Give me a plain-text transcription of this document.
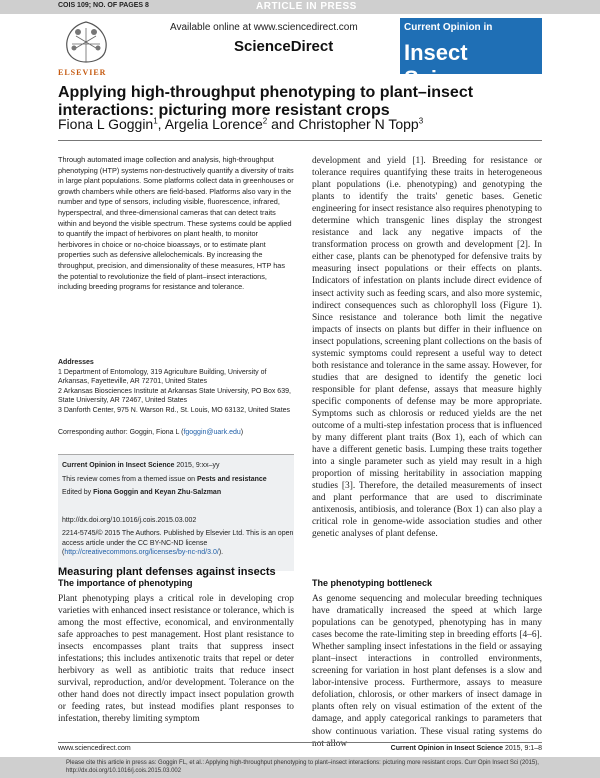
COIS 109; NO. OF PAGES 8	ARTICLE IN PRESS
ELSEVIER
Available online at www.sciencedirect.com
ScienceDirect
Current Opinion in
Insect Science
Applying high-throughput phenotyping to plant–insect interactions: picturing more resistant crops
Fiona L Goggin$^1$, Argelia Lorence$^2$ and Christopher N Topp$^3$
Through automated image collection and analysis, high-throughput phenotyping (HTP) systems non-destructively quantify a diversity of traits in large plant populations. Some platforms collect data in greenhouses or growth chambers while others are field-based. Platforms also vary in the number and type of sensors, including visible, fluorescence, infrared, hyperspectral, and three-dimensional cameras that can detect traits within and beyond the visible spectrum. These systems could be applied to quantify the impact of herbivores on plant health, to monitor herbivores in choice or no-choice bioassays, or to estimate plant properties such as defensive allelochemicals. By increasing the throughput, precision, and dimensionality of these measures, HTP has the potential to revolutionize the field of plant–insect interactions, including breeding programs for resistance and tolerance.
Addresses
1 Department of Entomology, 319 Agriculture Building, University of Arkansas, Fayetteville, AR 72701, United States
2 Arkansas Biosciences Institute at Arkansas State University, PO Box 639, State University, AR 72467, United States
3 Danforth Center, 975 N. Warson Rd., St. Louis, MO 63132, United States
Corresponding author: Goggin, Fiona L (fgoggin@uark.edu)

Current Opinion in Insect Science 2015, 9:xx–yy

This review comes from a themed issue on Pests and resistance

Edited by Fiona Goggin and Keyan Zhu-Salzman

http://dx.doi.org/10.1016/j.cois.2015.03.002

2214-5745/© 2015 The Authors. Published by Elsevier Ltd. This is an open access article under the CC BY-NC-ND license (http://creativecommons.org/licenses/by-nc-nd/3.0/).

development and yield [1]. Breeding for resistance or tolerance requires quantifying these traits in heterogeneous plant populations (i.e. phenotyping) and genotyping the plants to identify the traits' genetic bases. Genetic engineering for insect resistance also requires phenotyping to determine which transgenic lines display the strongest resistance and lack any negative impacts of the transformation process on growth and development [2]. In either case, plants can be phenotyped for defensive traits by measuring insect populations or their effects on plants. Indicators of infestation on plants include direct evidence of insect activity such as feeding scars, and also more systemic, indirect consequences such as chlorophyll loss (Figure 1). Since resistance and tolerance both limit the negative impacts of insects on plants but differ in their influence on insect populations, screening plant collections on the basis of systemic symptoms could represent a useful way to detect both resistance and tolerance in the same assay. However, for studies that are designed to identify the genetic loci responsible for plant defense, assays that measure highly specific components of defense may be more appropriate. Symptoms such as chlorosis or reduced yields are the net outcome of a multi-step infestation process that is influenced by many different plant traits (Box 1), each of which can have a different genetic basis. Lumping these traits together into a single parameter such as yield may result in a high proportion of missing heritability in association mapping studies [3]. Therefore, the detailed measurements of insect and plant performance that are used to discriminate antixenosis, antibiosis, and tolerance (Box 1) can also play a critical role in genome-wide association studies and other genetic analyses of plant defense.
Measuring plant defenses against insects
The importance of phenotyping
Plant phenotyping plays a critical role in developing crop varieties with enhanced insect resistance or tolerance, which is among the most effective, economical, and environmentally safe approaches to pest management. Host plant resistance to insects encompasses plant traits that suppress insect infestations; this includes antixenotic traits that repel or deter herbivory as well as antibiotic traits that reduce insect survival, reproduction, and/or development. Tolerance on the other hand does not directly impact insect population growth or feeding rates, but instead modifies plant responses to infestation, thereby limiting symptom
The phenotyping bottleneck
As genome sequencing and molecular breeding techniques have dramatically increased the speed at which large populations can be genotyped, phenotyping has in many cases become the rate-limiting step in breeding efforts [4–6]. Whether sampling insect infestations in the field or assaying plant–insect interactions in controlled environments, screening for variation in host plant defenses is a slow and labor-intensive process. Furthermore, assays to measure defoliation, chlorosis, or other markers of insect damage in plants often rely on visual estimation of the extent of the damage, and apply categorical rankings to parameters that show continuous variation. These visual rating systems do not allow
www.sciencedirect.com	Current Opinion in Insect Science 2015, 9:1–8
Please cite this article in press as: Goggin FL, et al.: Applying high-throughput phenotyping to plant–insect interactions: picturing more resistant crops. Curr Opin Insect Sci (2015), http://dx.doi.org/10.1016/j.cois.2015.03.002
